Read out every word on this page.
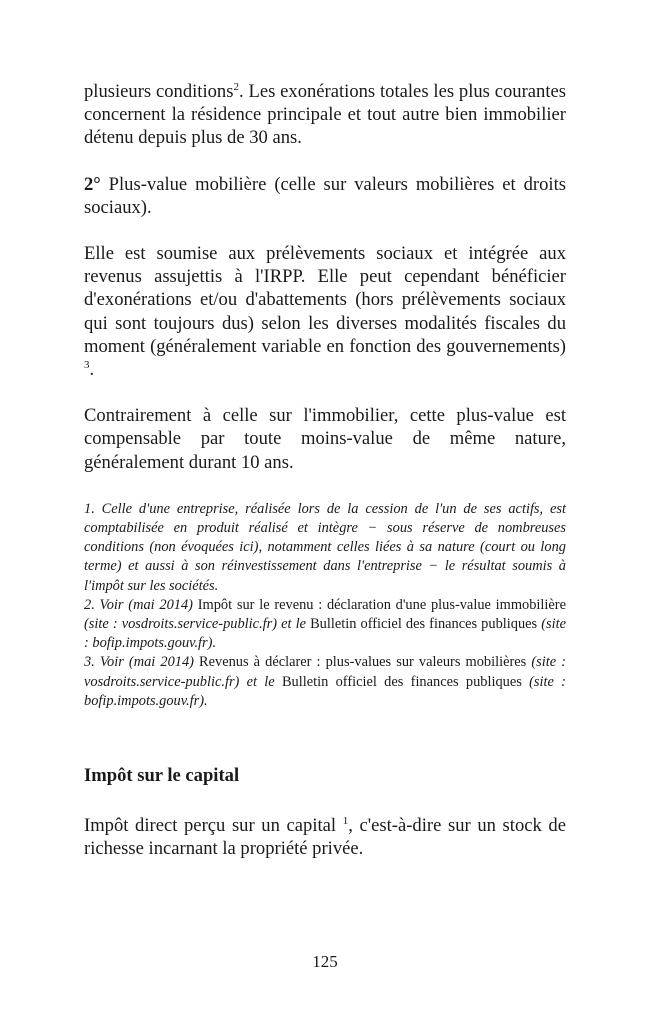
plusieurs conditions$^2$. Les exonérations totales les plus courantes concernent la résidence principale et tout autre bien immobilier détenu depuis plus de 30 ans.

2° Plus-value mobilière (celle sur valeurs mobilières et droits sociaux).

Elle est soumise aux prélèvements sociaux et intégrée aux revenus assujettis à l'IRPP. Elle peut cependant bénéficier d'exonérations et/ou d'abattements (hors prélèvements sociaux qui sont toujours dus) selon les diverses modalités fiscales du moment (généralement variable en fonction des gouvernements) $^3$.

Contrairement à celle sur l'immobilier, cette plus-value est compensable par toute moins-value de même nature, généralement durant 10 ans.

1. Celle d'une entreprise, réalisée lors de la cession de l'un de ses actifs, est comptabilisée en produit réalisé et intègre − sous réserve de nombreuses conditions (non évoquées ici), notamment celles liées à sa nature (court ou long terme) et aussi à son réinvestissement dans l'entreprise − le résultat soumis à l'impôt sur les sociétés.

2. Voir (mai 2014) Impôt sur le revenu : déclaration d'une plus-value immobilière (site : vosdroits.service-public.fr) et le Bulletin officiel des finances publiques (site : bofip.impots.gouv.fr).

3. Voir (mai 2014) Revenus à déclarer : plus-values sur valeurs mobilières (site : vosdroits.service-public.fr) et le Bulletin officiel des finances publiques (site : bofip.impots.gouv.fr).

Impôt sur le capital

Impôt direct perçu sur un capital $^1$, c'est-à-dire sur un stock de richesse incarnant la propriété privée.

125
